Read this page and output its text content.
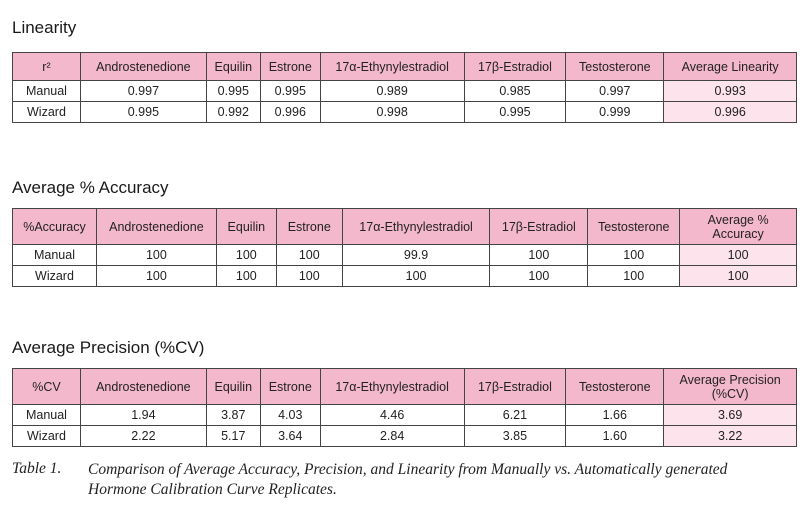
Linearity
r²	Androstenedione	Equilin	Estrone	17α-Ethynylestradiol	17β-Estradiol	Testosterone	Average Linearity
Manual	0.997	0.995	0.995	0.989	0.985	0.997	0.993
Wizard	0.995	0.992	0.996	0.998	0.995	0.999	0.996
Average % Accuracy
%Accuracy	Androstenedione	Equilin	Estrone	17α-Ethynylestradiol	17β-Estradiol	Testosterone	Average % Accuracy
Manual	100	100	100	99.9	100	100	100
Wizard	100	100	100	100	100	100	100
Average Precision (%CV)
%CV	Androstenedione	Equilin	Estrone	17α-Ethynylestradiol	17β-Estradiol	Testosterone	Average Precision (%CV)
Manual	1.94	3.87	4.03	4.46	6.21	1.66	3.69
Wizard	2.22	5.17	3.64	2.84	3.85	1.60	3.22
Table 1. Comparison of Average Accuracy, Precision, and Linearity from Manually vs. Automatically generated Hormone Calibration Curve Replicates.
